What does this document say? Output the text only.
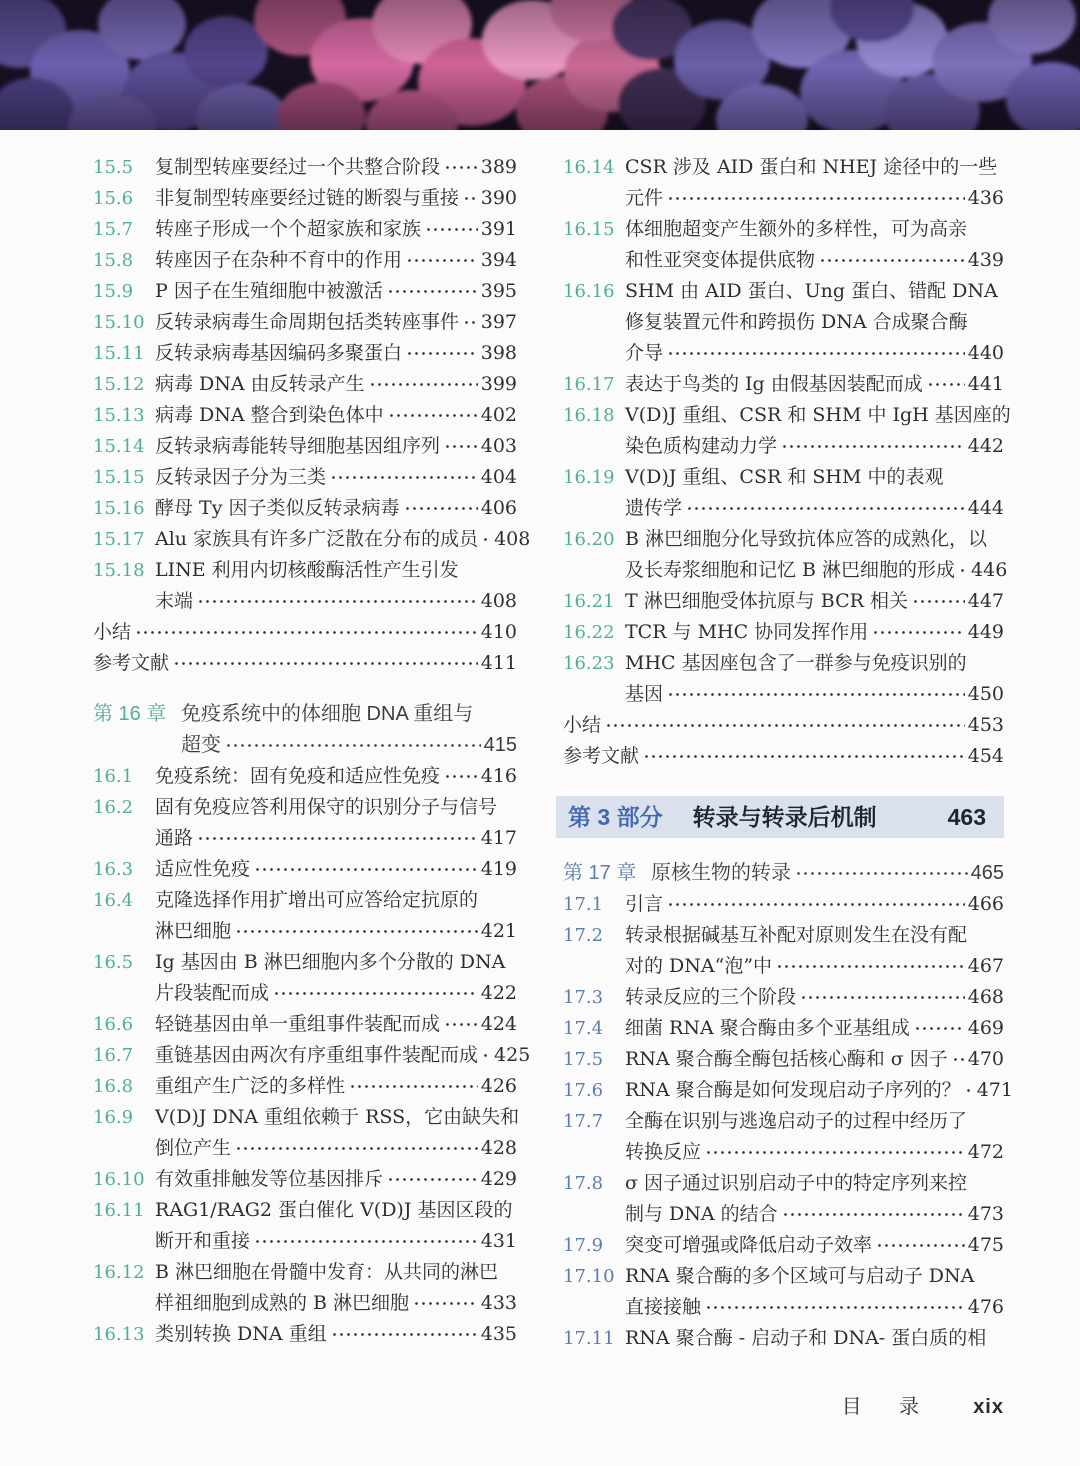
15.5	复制型转座要经过一个共整合阶段 389
15.6	非复制型转座要经过链的断裂与重接 390
15.7	转座子形成一个个超家族和家族	391
15.8	转座因子在杂种不育中的作用	394
15.9	P 因子在生殖细胞中被激活	395
15.10 反转录病毒生命周期包括类转座事件 397
15.11 反转录病毒基因编码多聚蛋白	398
15.12 病毒 DNA 由反转录产生	399
15.13 病毒 DNA 整合到染色体中	402
15.14 反转录病毒能转导细胞基因组序列 403
15.15 反转录因子分为三类	404
15.16 酵母 Ty 因子类似反转录病毒	406
15.17 Alu 家族具有许多广泛散在分布的成员 408
15.18 LINE 利用内切核酸酶活性产生引发
末端	408
小结	410
参考文献	411
第 16 章 免疫系统中的体细胞 DNA 重组与
超变	415
16.1	免疫系统：固有免疫和适应性免疫 416
16.2	固有免疫应答利用保守的识别分子与信号
通路	417
16.3	适应性免疫	419
16.4	克隆选择作用扩增出可应答给定抗原的
淋巴细胞	421
16.5	Ig 基因由 B 淋巴细胞内多个分散的 DNA
片段装配而成	422
16.6	轻链基因由单一重组事件装配而成 424
16.7	重链基因由两次有序重组事件装配而成 425
16.8	重组产生广泛的多样性	426
16.9	V(D)J DNA 重组依赖于 RSS，它由缺失和
倒位产生	428
16.10 有效重排触发等位基因排斥	429
16.11 RAG1/RAG2 蛋白催化 V(D)J 基因区段的
断开和重接	431
16.12 B 淋巴细胞在骨髓中发育：从共同的淋巴
样祖细胞到成熟的 B 淋巴细胞	433
16.13 类别转换 DNA 重组	435
16.14 CSR 涉及 AID 蛋白和 NHEJ 途径中的一些
元件	436
16.15 体细胞超变产生额外的多样性，可为高亲
和性亚突变体提供底物	439
16.16 SHM 由 AID 蛋白、Ung 蛋白、错配 DNA
修复装置元件和跨损伤 DNA 合成聚合酶
介导	440
16.17 表达于鸟类的 Ig 由假基因装配而成 441
16.18 V(D)J 重组、CSR 和 SHM 中 IgH 基因座的
染色质构建动力学	442
16.19 V(D)J 重组、CSR 和 SHM 中的表观
遗传学	444
16.20 B 淋巴细胞分化导致抗体应答的成熟化，以
及长寿浆细胞和记忆 B 淋巴细胞的形成 446
16.21 T 淋巴细胞受体抗原与 BCR 相关	447
16.22 TCR 与 MHC 协同发挥作用	449
16.23 MHC 基因座包含了一群参与免疫识别的
基因	450
小结	453
参考文献	454
第 3 部分 转录与转录后机制	463
第 17 章 原核生物的转录	465
17.1	引言	466
17.2	转录根据碱基互补配对原则发生在没有配
对的 DNA“泡”中	467
17.3	转录反应的三个阶段	468
17.4	细菌 RNA 聚合酶由多个亚基组成	469
17.5	RNA 聚合酶全酶包括核心酶和 σ 因子 470
17.6	RNA 聚合酶是如何发现启动子序列的？ 471
17.7	全酶在识别与逃逸启动子的过程中经历了
转换反应	472
17.8	σ 因子通过识别启动子中的特定序列来控
制与 DNA 的结合	473
17.9	突变可增强或降低启动子效率	475
17.10 RNA 聚合酶的多个区域可与启动子 DNA
直接接触	476
17.11 RNA 聚合酶 - 启动子和 DNA- 蛋白质的相
目 录 xix
